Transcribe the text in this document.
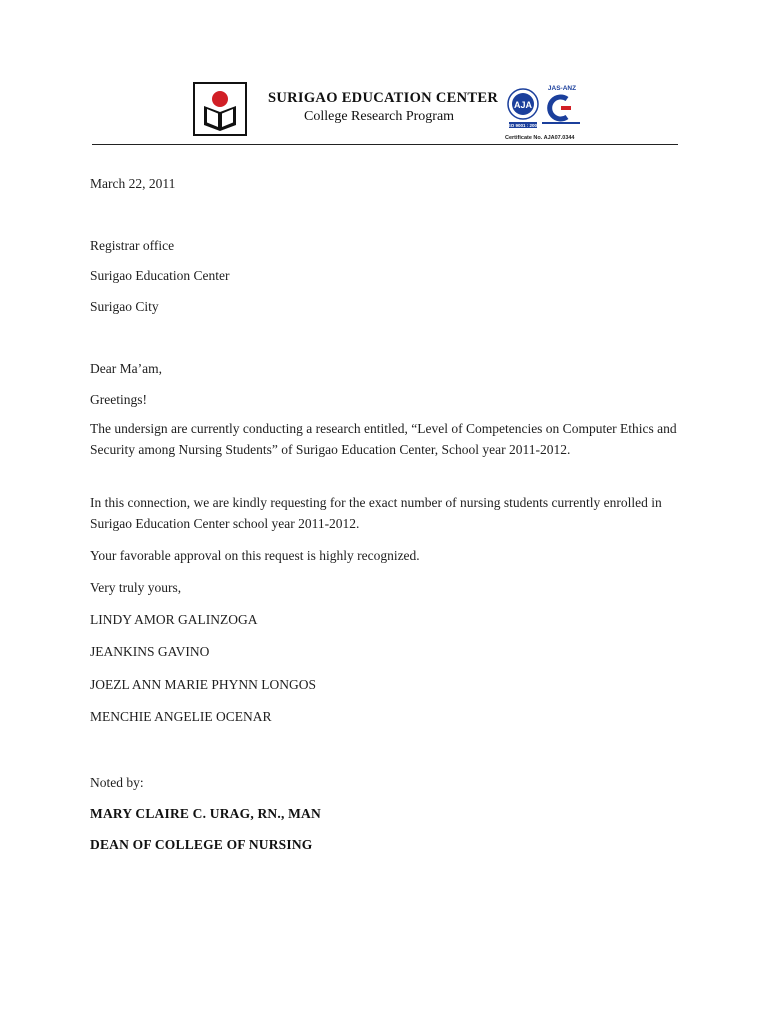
SURIGAO EDUCATION CENTER
College Research Program
AJA
ISO 9001 : 2008
JAS-ANZ
Certificate No. AJA07.0344
March 22, 2011
Registrar office
Surigao Education Center
Surigao City
Dear Ma’am,
Greetings!
The undersign are currently conducting a research entitled, “Level of Competencies on Computer Ethics and Security among Nursing Students” of Surigao Education Center, School year 2011-2012.
In this connection, we are kindly requesting for the exact number of nursing students currently enrolled in Surigao Education Center school year 2011-2012.
Your favorable approval on this request is highly recognized.
Very truly yours,
LINDY AMOR GALINZOGA
JEANKINS GAVINO
JOEZL ANN MARIE PHYNN LONGOS
MENCHIE ANGELIE OCENAR
Noted by:
MARY CLAIRE C. URAG, RN., MAN
DEAN OF COLLEGE OF NURSING
